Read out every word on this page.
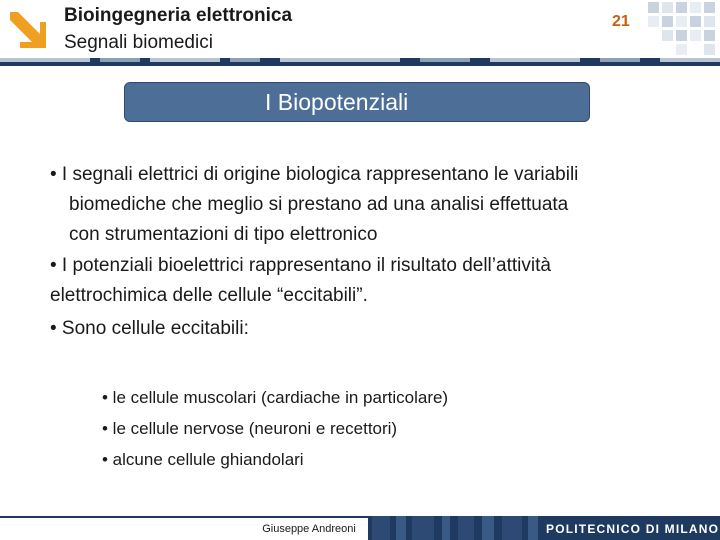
Bioingegneria elettronica
Segnali biomedici
21
I Biopotenziali
• I segnali elettrici di origine biologica rappresentano le variabili
biomediche che meglio si prestano ad una analisi effettuata
con strumentazioni di tipo elettronico
• I potenziali bioelettrici rappresentano il risultato dell’attività
elettrochimica delle cellule “eccitabili”.
• Sono cellule eccitabili:
• le cellule muscolari (cardiache in particolare)
• le cellule nervose (neuroni e recettori)
• alcune cellule ghiandolari
Giuseppe Andreoni	POLITECNICO DI MILANO
